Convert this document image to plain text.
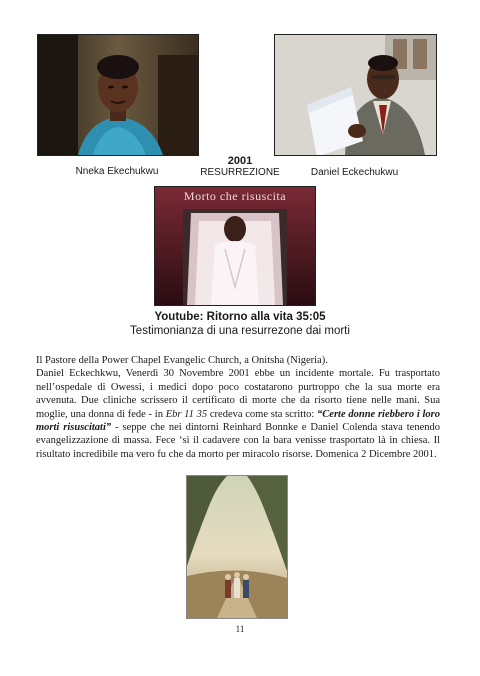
Nneka Ekechukwu
2001
RESURREZIONE	Daniel Eckechukwu
Morto che risuscita
Youtube: Ritorno alla vita 35:05
Testimonianza di una resurrezone dai morti

Il Pastore della Power Chapel Evangelic Church, a Onitsha (Nigeria).

Daniel Eckechkwu, Venerdì 30 Novembre 2001 ebbe un incidente mortale. Fu trasportato nell’ospedale di Owessi, i medici dopo poco costatarono purtroppo che la sua morte era avvenuta. Due cliniche scrissero il certificato di morte che da risorto tiene nelle mani. Sua moglie, una donna di fede - in Ebr 11 35 credeva come sta scritto: “Certe donne riebbero i loro morti risuscitati” - seppe che nei dintorni Reinhard Bonnke e Daniel Colenda stava tenendo evangelizzazione di massa. Fece ‘sì il cadavere con la bara venisse trasportato là in chiesa. Il risultato incredibile ma vero fu che da morto per miracolo risorse. Domenica 2 Dicembre 2001.

11
